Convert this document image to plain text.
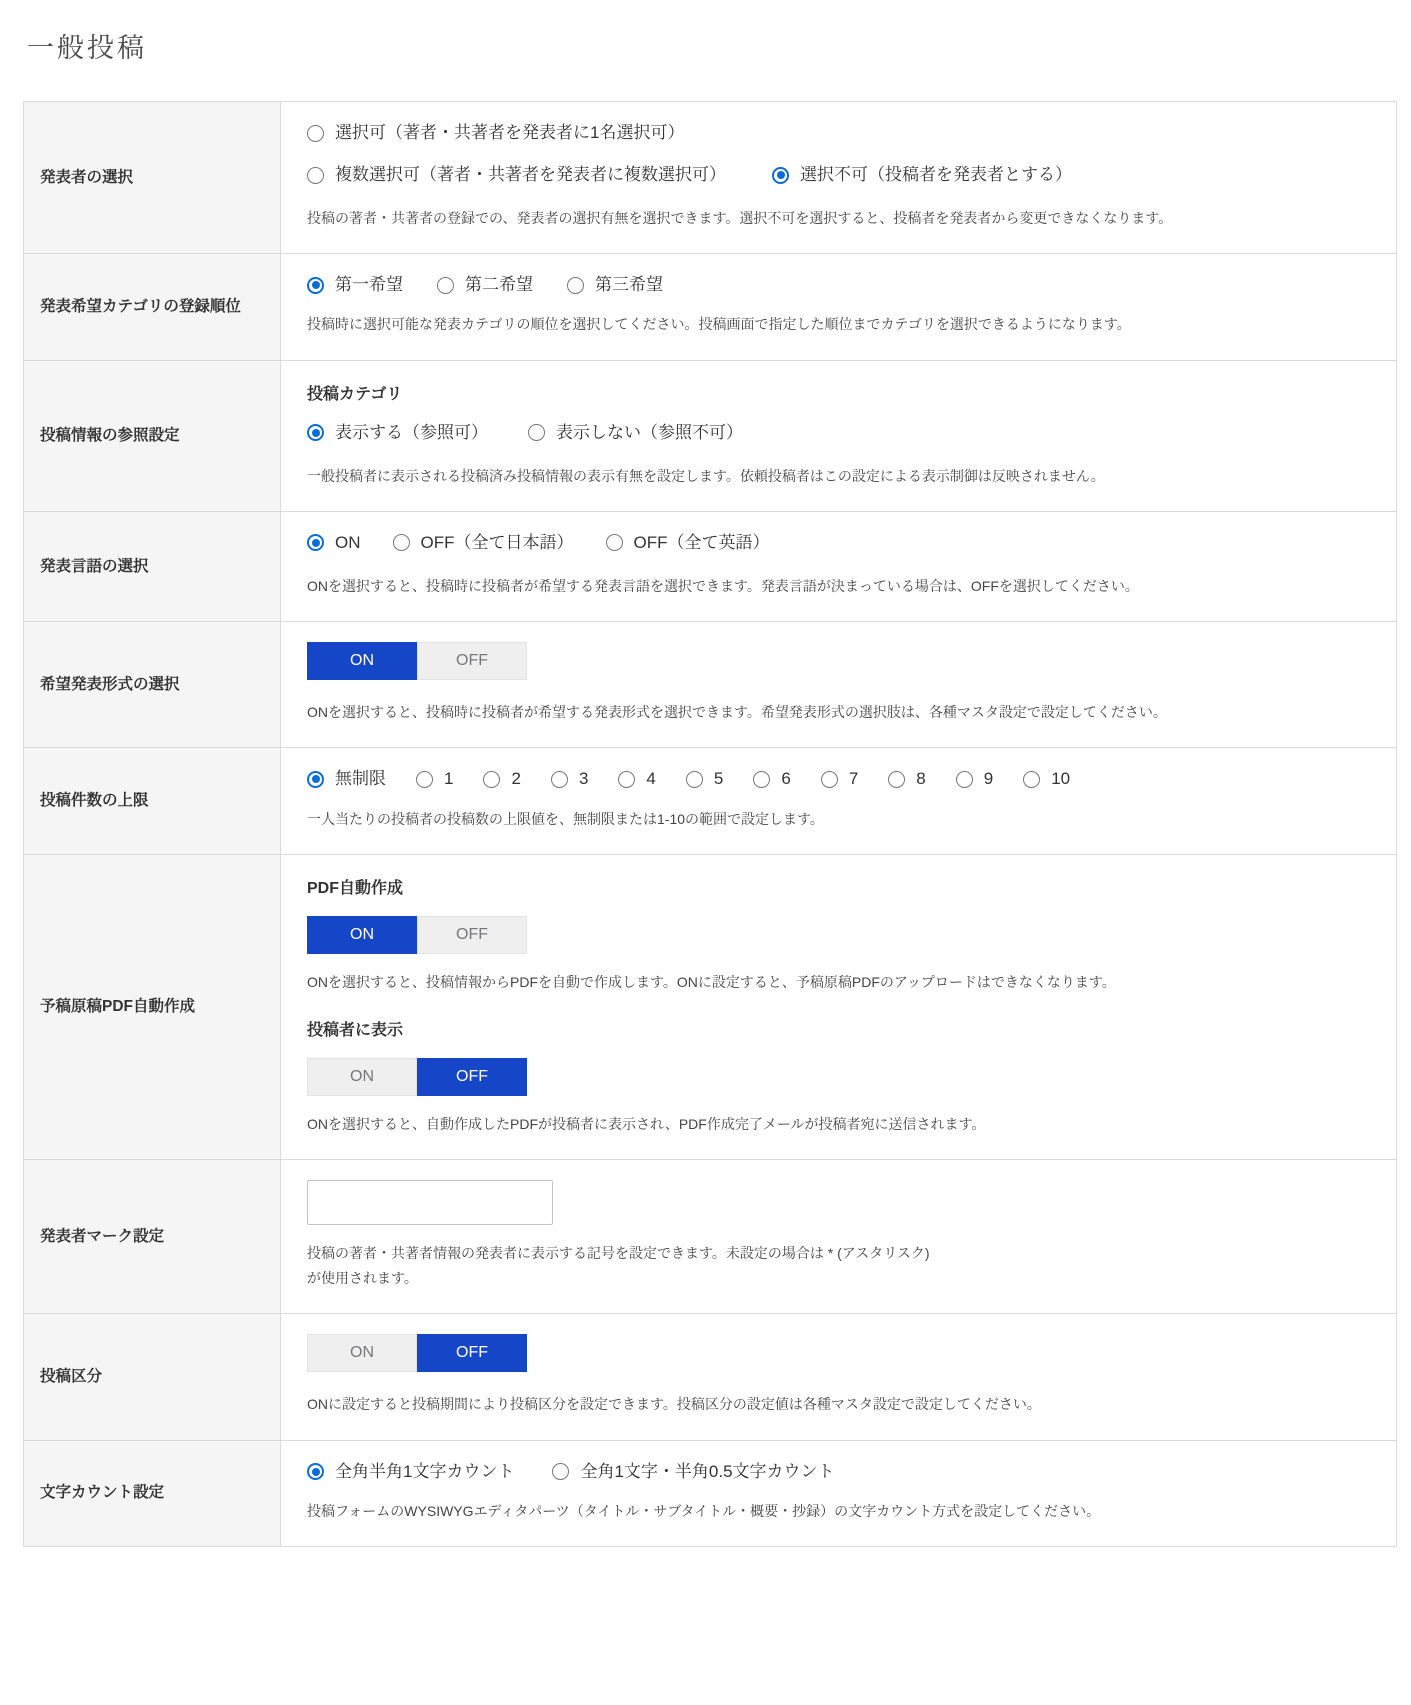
一般投稿
発表者の選択	選択可（著者・共著者を発表者に1名選択可）
複数選択可（著者・共著者を発表者に複数選択可） 選択不可（投稿者を発表者とする）

投稿の著者・共著者の登録での、発表者の選択有無を選択できます。選択不可を選択すると、投稿者を発表者から変更できなくなります。

発表希望カテゴリの登録順位	第一希望 第二希望 第三希望

投稿時に選択可能な発表カテゴリの順位を選択してください。投稿画面で指定した順位までカテゴリを選択できるようになります。

投稿情報の参照設定	投稿カテゴリ
表示する（参照可） 表示しない（参照不可）

一般投稿者に表示される投稿済み投稿情報の表示有無を設定します。依頼投稿者はこの設定による表示制御は反映されません。

発表言語の選択	ON OFF（全て日本語） OFF（全て英語）

ONを選択すると、投稿時に投稿者が希望する発表言語を選択できます。発表言語が決まっている場合は、OFFを選択してください。

希望発表形式の選択	ON OFF

ONを選択すると、投稿時に投稿者が希望する発表形式を選択できます。希望発表形式の選択肢は、各種マスタ設定で設定してください。

投稿件数の上限	
無制限	1	2	3	4	5	6	7	8	9	10

一人当たりの投稿者の投稿数の上限値を、無制限または1-10の範囲で設定します。

予稿原稿PDF自動作成	
PDF自動作成
ON	OFF

ONを選択すると、投稿情報からPDFを自動で作成します。ONに設定すると、予稿原稿PDFのアップロードはできなくなります。

投稿者に表示
ON	OFF

ONを選択すると、自動作成したPDFが投稿者に表示され、PDF作成完了メールが投稿者宛に送信されます。

発表者マーク設定	投稿の著者・共著者情報の発表者に表示する記号を設定できます。未設定の場合は * (アスタリスク) が使用されます。

投稿区分	ON OFF

ONに設定すると投稿期間により投稿区分を設定できます。投稿区分の設定値は各種マスタ設定で設定してください。

文字カウント設定	全角半角1文字カウント 全角1文字・半角0.5文字カウント

投稿フォームのWYSIWYGエディタパーツ（タイトル・サブタイトル・概要・抄録）の文字カウント方式を設定してください。
